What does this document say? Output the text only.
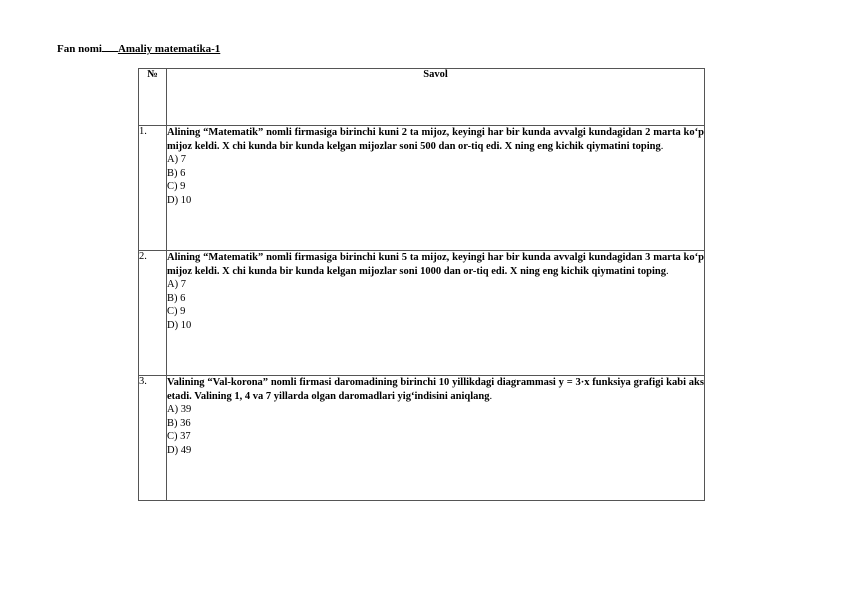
Fan nomi Amaliy matematika-1
№	Savol
1.	Alining “Matematik” nomli firmasiga birinchi kuni 2 ta mijoz, keyingi har bir kunda avvalgi kundagidan 2 marta ko‘p mijoz keldi. X chi kunda bir kunda kelgan mijozlar soni 500 dan or-tiq edi. X ning eng kichik qiymatini toping.
A) 7
B) 6
C) 9
D) 10

2.	Alining “Matematik” nomli firmasiga birinchi kuni 5 ta mijoz, keyingi har bir kunda avvalgi kundagidan 3 marta ko‘p mijoz keldi. X chi kunda bir kunda kelgan mijozlar soni 1000 dan or-tiq edi. X ning eng kichik qiymatini toping.
A) 7
B) 6
C) 9
D) 10

3.	Valining “Val-korona” nomli firmasi daromadining birinchi 10 yillikdagi diagrammasi y = 3·x funksiya grafigi kabi aks etadi. Valining 1, 4 va 7 yillarda olgan daromadlari yig‘indisini aniqlang.
A) 39
B) 36
C) 37
D) 49
